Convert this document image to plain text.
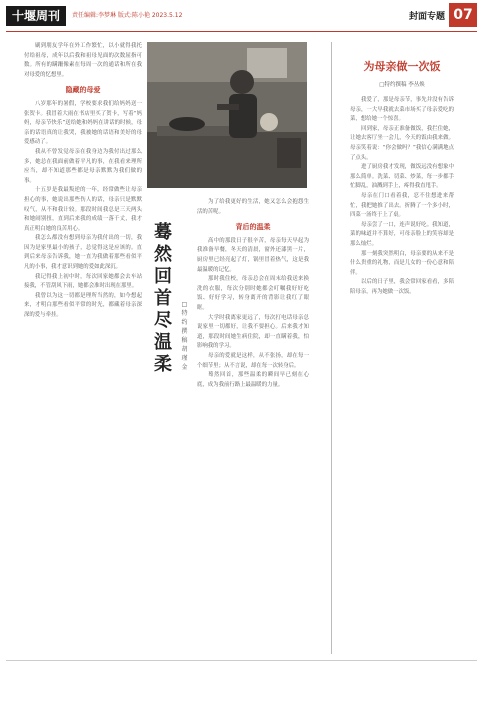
十堰周刊	责任编辑:李梦琳 版式:陈小艳 2023.5.12	封面专题 07

刷到朋友学年在外工作繁忙，以小就得我托付给祖母，成年以后我和祖母见面的次数屈指可数。所有的蹒跚像素在每周一次的通话和所在我对母爱的忆想里。

隐藏的母爱

八岁那年的暑假，学校要求我们给妈妈送一张贺卡。我冒着大雨在书店里买了贺卡，写着“妈妈，母亲节快乐”送给她和妈妈在讲话的时候，母亲的话语真的让我哭，我被她的话语和美好的母爱感动了。

我从不曾发觉母亲在我身边为我付出过那么多，她总在我面前做着平凡的事，在我看来理所应当，却不知道那些都是母亲默默为我们做的事。

十五岁是我最叛逆的一年，经常做些让母亲担心的事，她说出那些伤人的话，母亲只是默默叹气，从不和我计较。那段时间我总是三天两头和她闹别扭，直到后来我的成绩一落千丈，我才真正明白她的良苦用心。

我怎么都没有想到母亲为我付出的一切，我因为是家里最小的孩子，总觉得这是应该的。直到后来母亲告诉我，她一直为我做着那些看似平凡的小事，我才意识到她的爱如此深沉。

我记得我上初中时，每次回家她都会去车站接我，不管刮风下雨，她都会准时出现在那里。

我曾以为这一切都是理所当然的，如今想起来，才明白那些看似平常的时光，都藏着母亲深深的爱与牵挂。

蓦然回首尽温柔
□特约撰稿 胡瑾金

为了给我更好的生活，她又怎么会抱怨生活的苦呢。

背后的温柔

高中的那段日子很辛苦，母亲每天早起为我准备早餐，冬天的清晨，窗外还漆黑一片，厨房里已经亮起了灯，锅里冒着热气，这是我最温暖的记忆。

那时我住校，母亲总会在周末给我送来换洗的衣服，每次分别时她都会叮嘱我好好吃饭、好好学习，转身离开的背影让我红了眼眶。

大学时我离家更远了，每次打电话母亲总说家里一切都好，让我不要担心。后来我才知道，那段时间她生病住院，却一直瞒着我，怕影响我的学习。

母亲的爱就是这样，从不张扬，却在每一个细节里；从不言说，却在每一次转身后。

蓦然回首，那些温柔的瞬间早已刻在心底，成为我前行路上最温暖的力量。

为母亲做一次饭
□特约撰稿 李丛焕

我爱了，那是母亲节，事先并没有告诉母亲，一大早我就去菜市场买了母亲爱吃的菜，想给她一个惊喜。

回到家，母亲正准备做饭，我拦住她，让她去客厅坐一会儿，今天的饭由我来做。母亲笑着说：“你会做吗？”我信心满满地点了点头。

进了厨房我才发现，做饭远没有想象中那么简单。洗菜、切菜、炒菜，每一步都手忙脚乱，油溅到手上，疼得我直甩手。

母亲在门口看着我，忍不住想进来帮忙，我把她推了出去。折腾了一个多小时，四菜一汤终于上了桌。

母亲尝了一口，连声说好吃。我知道，菜的味道并不算好，可母亲脸上的笑容却是那么灿烂。

那一刻我突然明白，母亲要的从来不是什么贵重的礼物，而是儿女的一份心意和陪伴。

以后的日子里，我会常回家看看，多陪陪母亲，再为她做一次饭。
